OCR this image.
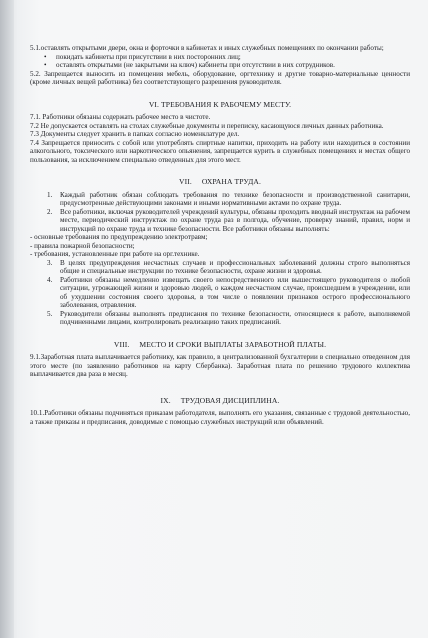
5.1.оставлять открытыми двери, окна и форточки в кабинетах и иных служебных помещениях по окончании работы;

• покидать кабинеты при присутствии в них посторонних лиц;

• оставлять открытыми (не закрытыми на ключ) кабинеты при отсутствии в них сотрудников.

5.2. Запрещается выносить из помещения мебель, оборудование, оргтехнику и другие товарно-материальные ценности (кроме личных вещей работника) без соответствующего разрешения руководителя.

VI. ТРЕБОВАНИЯ К РАБОЧЕМУ МЕСТУ.

7.1. Работники обязаны содержать рабочее место в чистоте.

7.2 Не допускается оставлять на столах служебные документы и переписку, касающуюся личных данных работника.

7.3 Документы следует хранить в папках согласно номенклатуре дел.

7.4 Запрещается приносить с собой или употреблять спиртные напитки, приходить на работу или находиться в состоянии алкогольного, токсического или наркотического опьянения, запрещается курить в служебных помещениях и местах общего пользования, за исключением специально отведенных для этого мест.

VII. ОХРАНА ТРУДА.

1. Каждый работник обязан соблюдать требования по технике безопасности и производственной санитарии, предусмотренные действующими законами и иными нормативными актами по охране труда.

2. Все работники, включая руководителей учреждений культуры, обязаны проходить вводный инструктаж на рабочем месте, периодический инструктаж по охране труда раз в полгода, обучение, проверку знаний, правил, норм и инструкций по охране труда и технике безопасности. Все работники обязаны выполнять:

- основные требования по предупреждению электротравм;

- правила пожарной безопасности;

- требования, установленные при работе на орг.технике.

3. В целях предупреждения несчастных случаев и профессиональных заболеваний должны строго выполняться общие и специальные инструкции по технике безопасности, охране жизни и здоровья.

4. Работники обязаны немедленно извещать своего непосредственного или вышестоящего руководителя о любой ситуации, угрожающей жизни и здоровью людей, о каждом несчастном случае, происшедшем в учреждении, или об ухудшении состояния своего здоровья, в том числе о появлении признаков острого профессионального заболевания, отравления.

5. Руководители обязаны выполнять предписания по технике безопасности, относящиеся к работе, выполняемой подчиненными лицами, контролировать реализацию таких предписаний.

VIII. МЕСТО И СРОКИ ВЫПЛАТЫ ЗАРАБОТНОЙ ПЛАТЫ.

9.1.Заработная плата выплачивается работнику, как правило, в централизованной бухгалтерии в специально отведенном для этого месте (по заявлению работников на карту Сбербанка). Заработная плата по решению трудового коллектива выплачивается два раза в месяц.

IX. ТРУДОВАЯ ДИСЦИПЛИНА.

10.1.Работники обязаны подчиняться приказам работодателя, выполнять его указания, связанные с трудовой деятельностью, а также приказы и предписания, доводимые с помощью служебных инструкций или объявлений.
